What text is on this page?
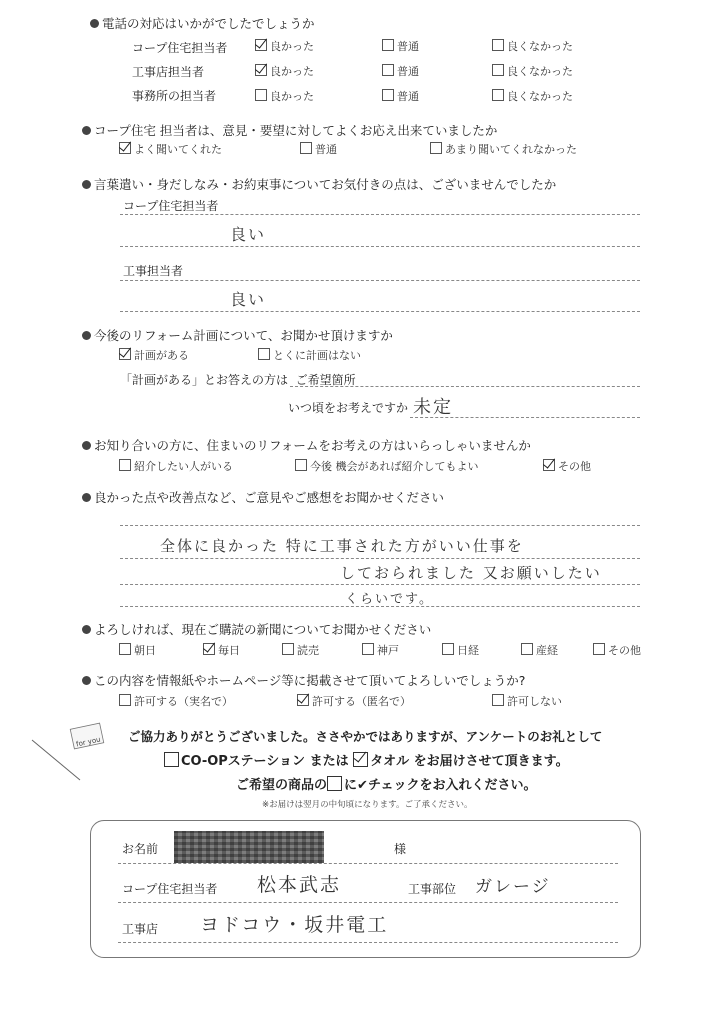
電話の対応はいかがでしたでしょうか
コープ住宅担当者	良かった	普通	良くなかった
工事店担当者	良かった	普通	良くなかった
事務所の担当者	良かった	普通	良くなかった
コープ住宅 担当者は、意見・要望に対してよくお応え出来ていましたか
よく聞いてくれた	普通	あまり聞いてくれなかった
言葉遣い・身だしなみ・お約束事についてお気付きの点は、ございませんでしたか
コープ住宅担当者
良い
工事担当者
良い
今後のリフォーム計画について、お聞かせ頂けますか
計画がある	とくに計画はない
「計画がある」とお答えの方は ご希望箇所
いつ頃をお考えですか 未定
お知り合いの方に、住まいのリフォームをお考えの方はいらっしゃいませんか
紹介したい人がいる	今後 機会があれば紹介してもよい	その他
良かった点や改善点など、ご意見やご感想をお聞かせください
全体に良かった 特に工事された方がいい仕事を
しておられました 又お願いしたい
くらいです。
よろしければ、現在ご購読の新聞についてお聞かせください
朝日	毎日	読売	神戸	日経	産経	その他
この内容を情報紙やホームページ等に掲載させて頂いてよろしいでしょうか?
許可する（実名で）	許可する（匿名で）	許可しない
for you ご協力ありがとうございました。ささやかではありますが、アンケートのお礼として
CO-OPステーション または タオル をお届けさせて頂きます。
ご希望の商品の に✔チェックをお入れください。
※お届けは翌月の中旬頃になります。ご了承ください。
お名前	様
コープ住宅担当者 松本武志	工事部位 ガレージ
工事店 ヨドコウ・坂井電工
